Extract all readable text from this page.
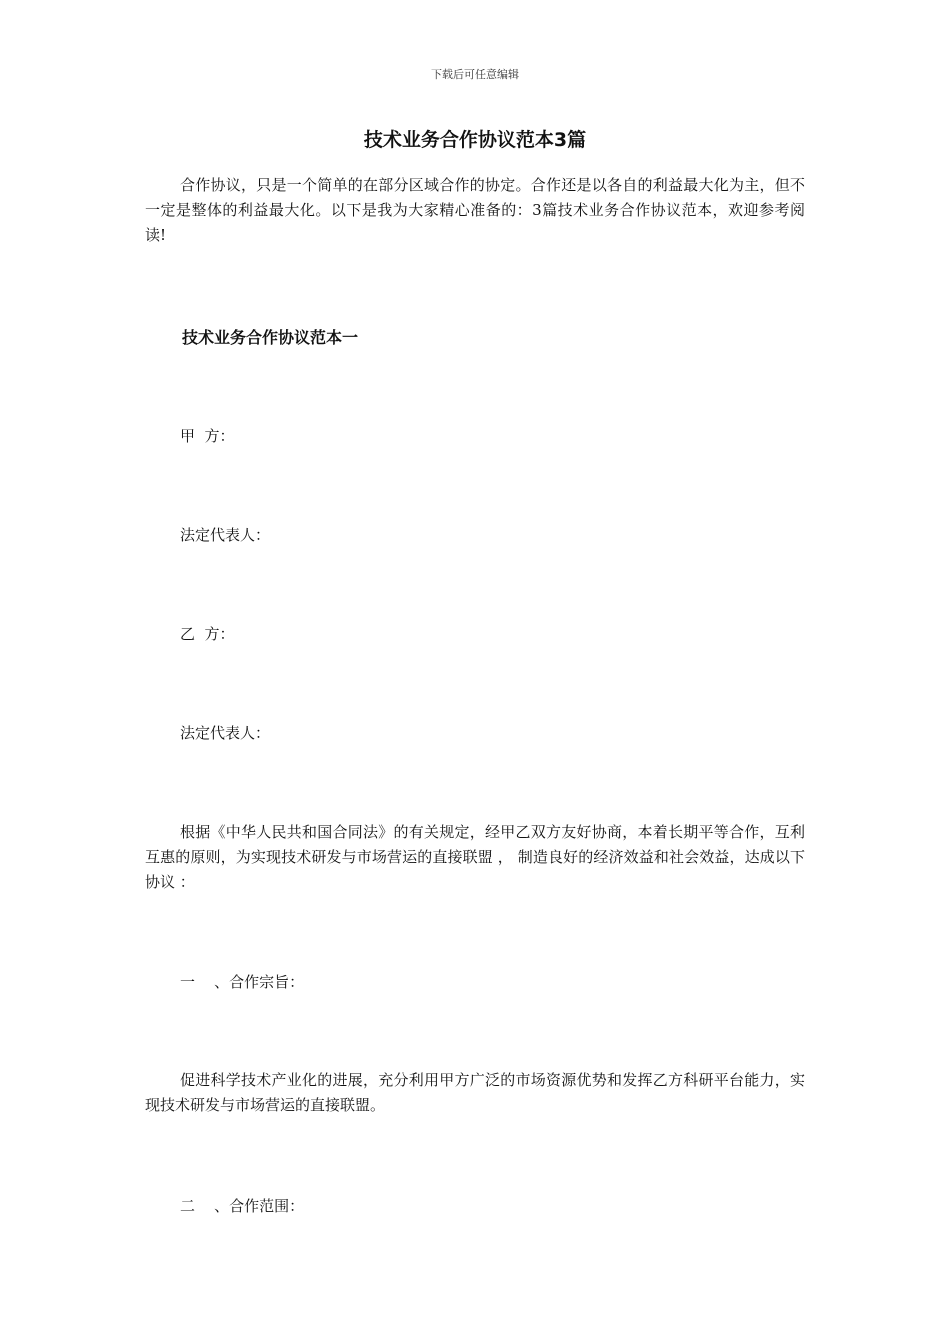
下载后可任意编辑

技术业务合作协议范本3篇

合作协议，只是一个简单的在部分区域合作的协定。合作还是以各自的利益最大化为主，但不一定是整体的利益最大化。以下是我为大家精心准备的：3篇技术业务合作协议范本，欢迎参考阅读!

技术业务合作协议范本一

甲  方：

法定代表人：

乙  方：

法定代表人：

根据《中华人民共和国合同法》的有关规定，经甲乙双方友好协商，本着长期平等合作，互利互惠的原则，为实现技术研发与市场营运的直接联盟 ， 制造良好的经济效益和社会效益，达成以下协议 ：

一    、合作宗旨：

促进科学技术产业化的进展，充分利用甲方广泛的市场资源优势和发挥乙方科研平台能力，实现技术研发与市场营运的直接联盟。

二    、合作范围：
